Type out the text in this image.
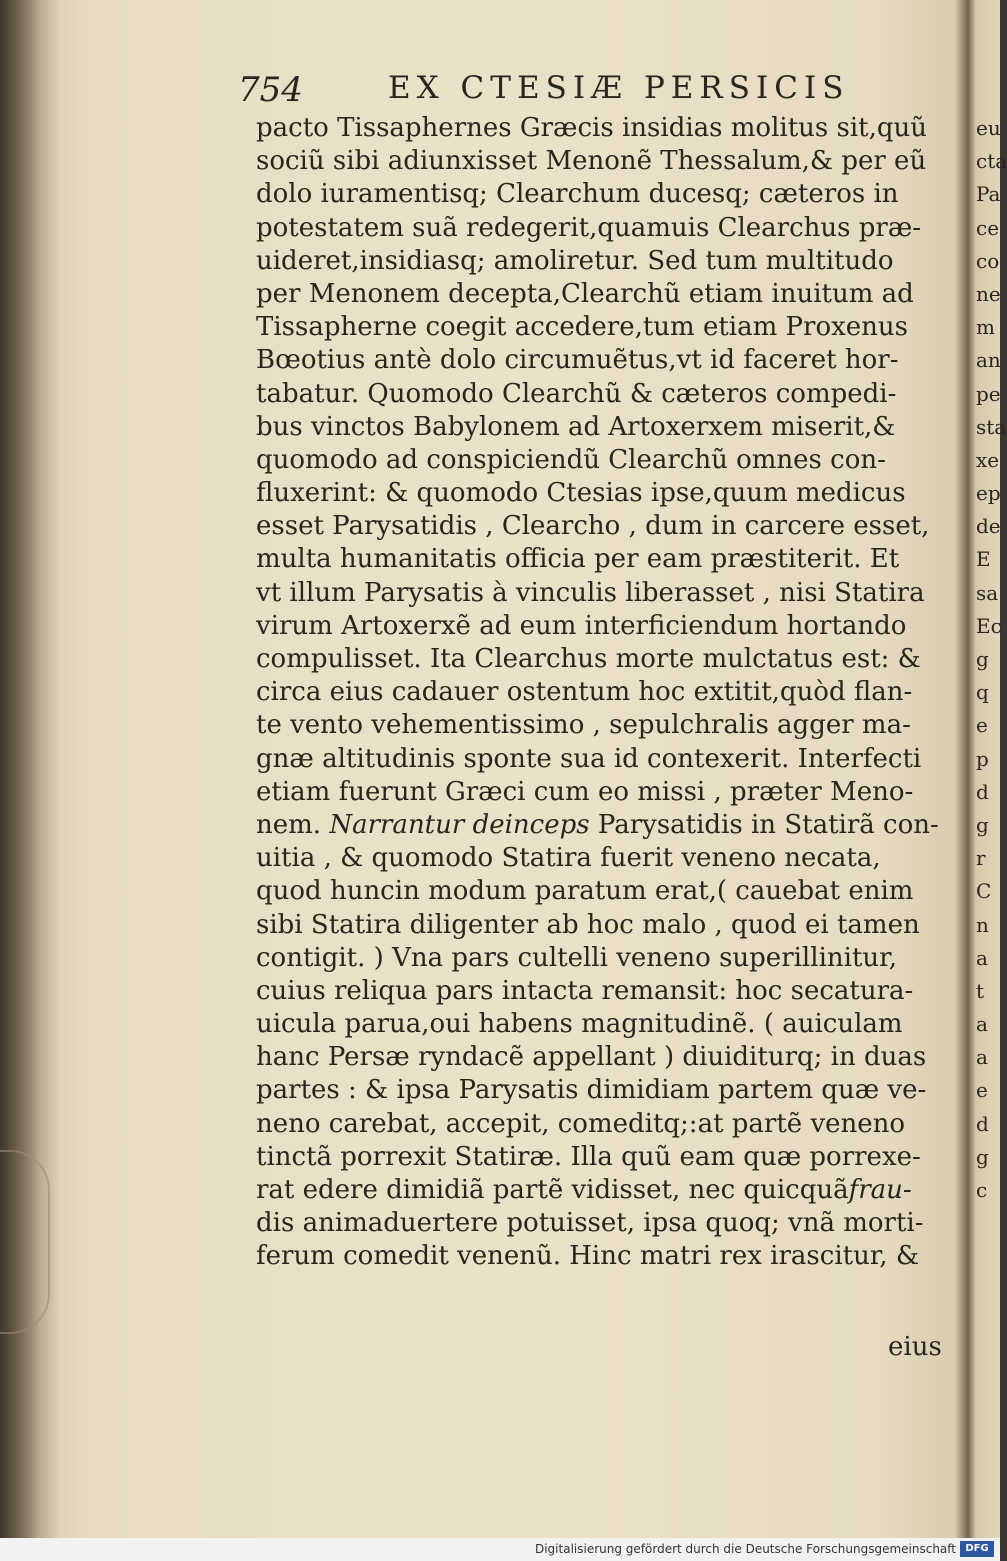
754	EX CTESIÆ PERSICIS
pacto Tissaphernes Græcis insidias molitus sit,quũ
sociũ sibi adiunxisset Menonẽ Thessalum,& per eũ
dolo iuramentisq; Clearchum ducesq; cæteros in
potestatem suã redegerit,quamuis Clearchus præ-
uideret,insidiasq; amoliretur. Sed tum multitudo
per Menonem decepta,Clearchũ etiam inuitum ad
Tissapherne coegit accedere,tum etiam Proxenus
Bœotius antè dolo circumuẽtus,vt id faceret hor-
tabatur. Quomodo Clearchũ & cæteros compedi-
bus vinctos Babylonem ad Artoxerxem miserit,&
quomodo ad conspiciendũ Clearchũ omnes con-
fluxerint: & quomodo Ctesias ipse,quum medicus
esset Parysatidis , Clearcho , dum in carcere esset,
multa humanitatis officia per eam præstiterit. Et
vt illum Parysatis à vinculis liberasset , nisi Statira
virum Artoxerxẽ ad eum interficiendum hortando
compulisset. Ita Clearchus morte mulctatus est: &
circa eius cadauer ostentum hoc extitit,quòd flan-
te vento vehementissimo , sepulchralis agger ma-
gnæ altitudinis sponte sua id contexerit. Interfecti
etiam fuerunt Græci cum eo missi , præter Meno-
nem. Narrantur deinceps Parysatidis in Statirã con-
uitia , & quomodo Statira fuerit veneno necata,
quod huncin modum paratum erat,( cauebat enim
sibi Statira diligenter ab hoc malo , quod ei tamen
contigit. ) Vna pars cultelli veneno superillinitur,
cuius reliqua pars intacta remansit: hoc secatura-
uicula parua,oui habens magnitudinẽ. ( auiculam
hanc Persæ ryndacẽ appellant ) diuiditurq; in duas
partes : & ipsa Parysatis dimidiam partem quæ ve-
neno carebat, accepit, comeditq;:at partẽ veneno
tinctã porrexit Statiræ. Illa quũ eam quæ porrexe-
rat edere dimidiã partẽ vidisset, nec quicquãfrau-
dis animaduertere potuisset, ipsa quoq; vnã morti-
ferum comedit venenũ. Hinc matri rex irascitur, &
eius
eu
cta
Pa
ce
co
ne
m
an
pe
sta
xe
ep
de
E
sa
Ec
g
q
e
p
d
g
r
C
n
a
t
a
a
e
d
g
c
Digitalisierung gefördert durch die Deutsche Forschungsgemeinschaft DFG
